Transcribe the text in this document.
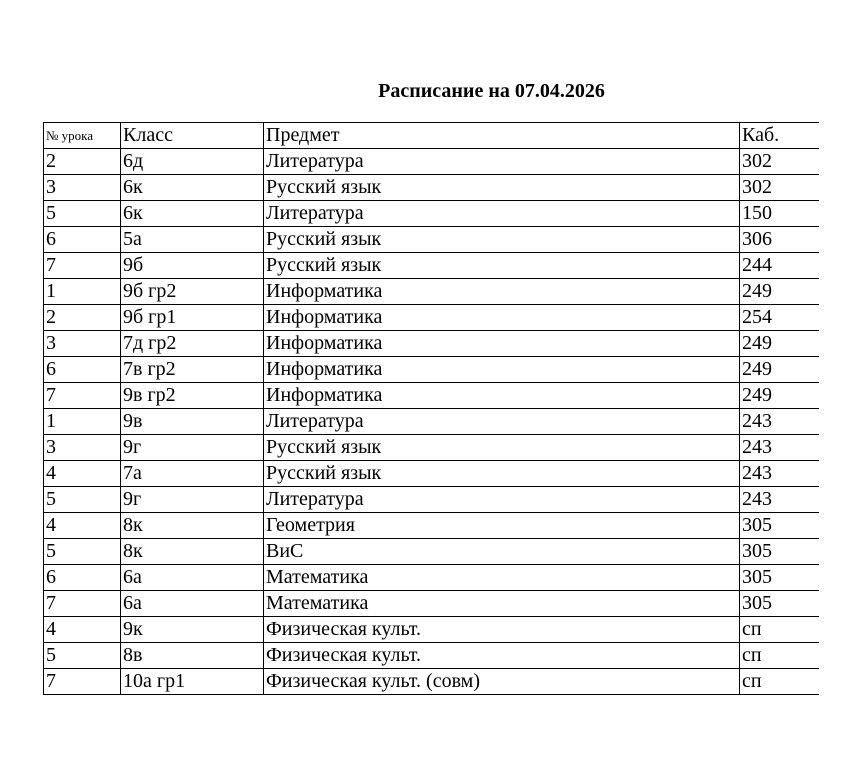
Расписание на 07.04.2026
№ урока	Класс	Предмет	Каб.
2	6д	Литература	302
3	6к	Русский язык	302
5	6к	Литература	150
6	5а	Русский язык	306
7	9б	Русский язык	244
1	9б гр2	Информатика	249
2	9б гр1	Информатика	254
3	7д гр2	Информатика	249
6	7в гр2	Информатика	249
7	9в гр2	Информатика	249
1	9в	Литература	243
3	9г	Русский язык	243
4	7а	Русский язык	243
5	9г	Литература	243
4	8к	Геометрия	305
5	8к	ВиС	305
6	6а	Математика	305
7	6а	Математика	305
4	9к	Физическая культ.	сп
5	8в	Физическая культ.	сп
7	10а гр1	Физическая культ. (совм)	сп
